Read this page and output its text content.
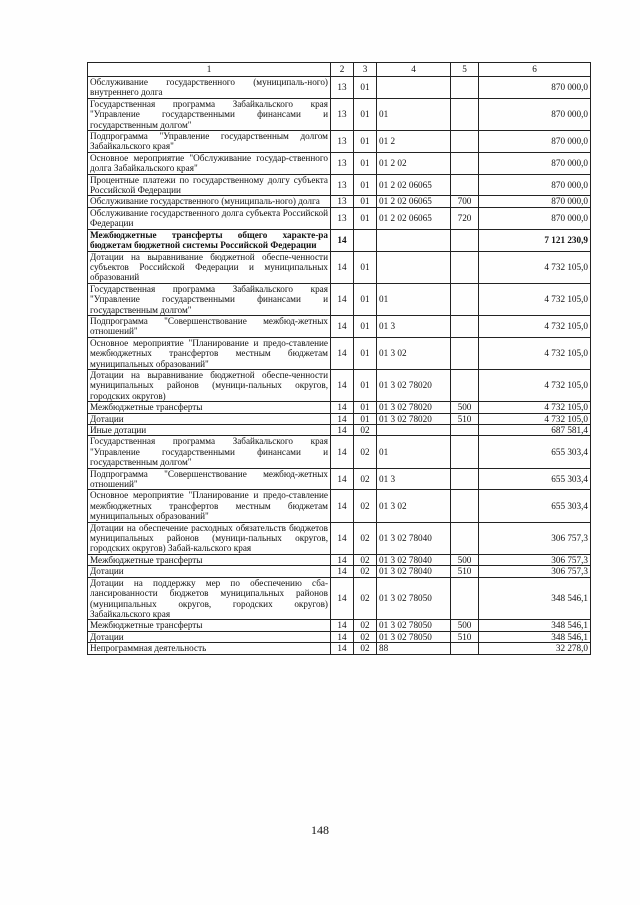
1	2	3	4	5	6
Обслуживание государственного (муниципаль-ного) внутреннего долга	13	01			870 000,0
Государственная программа Забайкальского края "Управление государственными финансами и государственным долгом"	13	01	01		870 000,0
Подпрограмма "Управление государственным долгом Забайкальского края"	13	01	01 2		870 000,0
Основное мероприятие "Обслуживание государ-ственного долга Забайкальского края"	13	01	01 2 02		870 000,0
Процентные платежи по государственному долгу субъекта Российской Федерации	13	01	01 2 02 06065		870 000,0
Обслуживание государственного (муниципаль-ного) долга	13	01	01 2 02 06065	700	870 000,0
Обслуживание государственного долга субъекта Российской Федерации	13	01	01 2 02 06065	720	870 000,0
Межбюджетные трансферты общего характе-ра бюджетам бюджетной системы Российской Федерации	14				7 121 230,9
Дотации на выравнивание бюджетной обеспе-ченности субъектов Российской Федерации и муниципальных образований	14	01			4 732 105,0
Государственная программа Забайкальского края "Управление государственными финансами и государственным долгом"	14	01	01		4 732 105,0
Подпрограмма "Совершенствование межбюд-жетных отношений"	14	01	01 3		4 732 105,0
Основное мероприятие "Планирование и предо-ставление межбюджетных трансфертов местным бюджетам муниципальных образований"	14	01	01 3 02		4 732 105,0
Дотации на выравнивание бюджетной обеспе-ченности муниципальных районов (муници-пальных округов, городских округов)	14	01	01 3 02 78020		4 732 105,0
Межбюджетные трансферты	14	01	01 3 02 78020	500	4 732 105,0
Дотации	14	01	01 3 02 78020	510	4 732 105,0
Иные дотации	14	02			687 581,4
Государственная программа Забайкальского края "Управление государственными финансами и государственным долгом"	14	02	01		655 303,4
Подпрограмма "Совершенствование межбюд-жетных отношений"	14	02	01 3		655 303,4
Основное мероприятие "Планирование и предо-ставление межбюджетных трансфертов местным бюджетам муниципальных образований"	14	02	01 3 02		655 303,4
Дотации на обеспечение расходных обязательств бюджетов муниципальных районов (муници-пальных округов, городских округов) Забай-кальского края	14	02	01 3 02 78040		306 757,3
Межбюджетные трансферты	14	02	01 3 02 78040	500	306 757,3
Дотации	14	02	01 3 02 78040	510	306 757,3
Дотации на поддержку мер по обеспечению сба-лансированности бюджетов муниципальных районов (муниципальных округов, городских округов) Забайкальского края	14	02	01 3 02 78050		348 546,1
Межбюджетные трансферты	14	02	01 3 02 78050	500	348 546,1
Дотации	14	02	01 3 02 78050	510	348 546,1
Непрограммная деятельность	14	02	88		32 278,0
148
